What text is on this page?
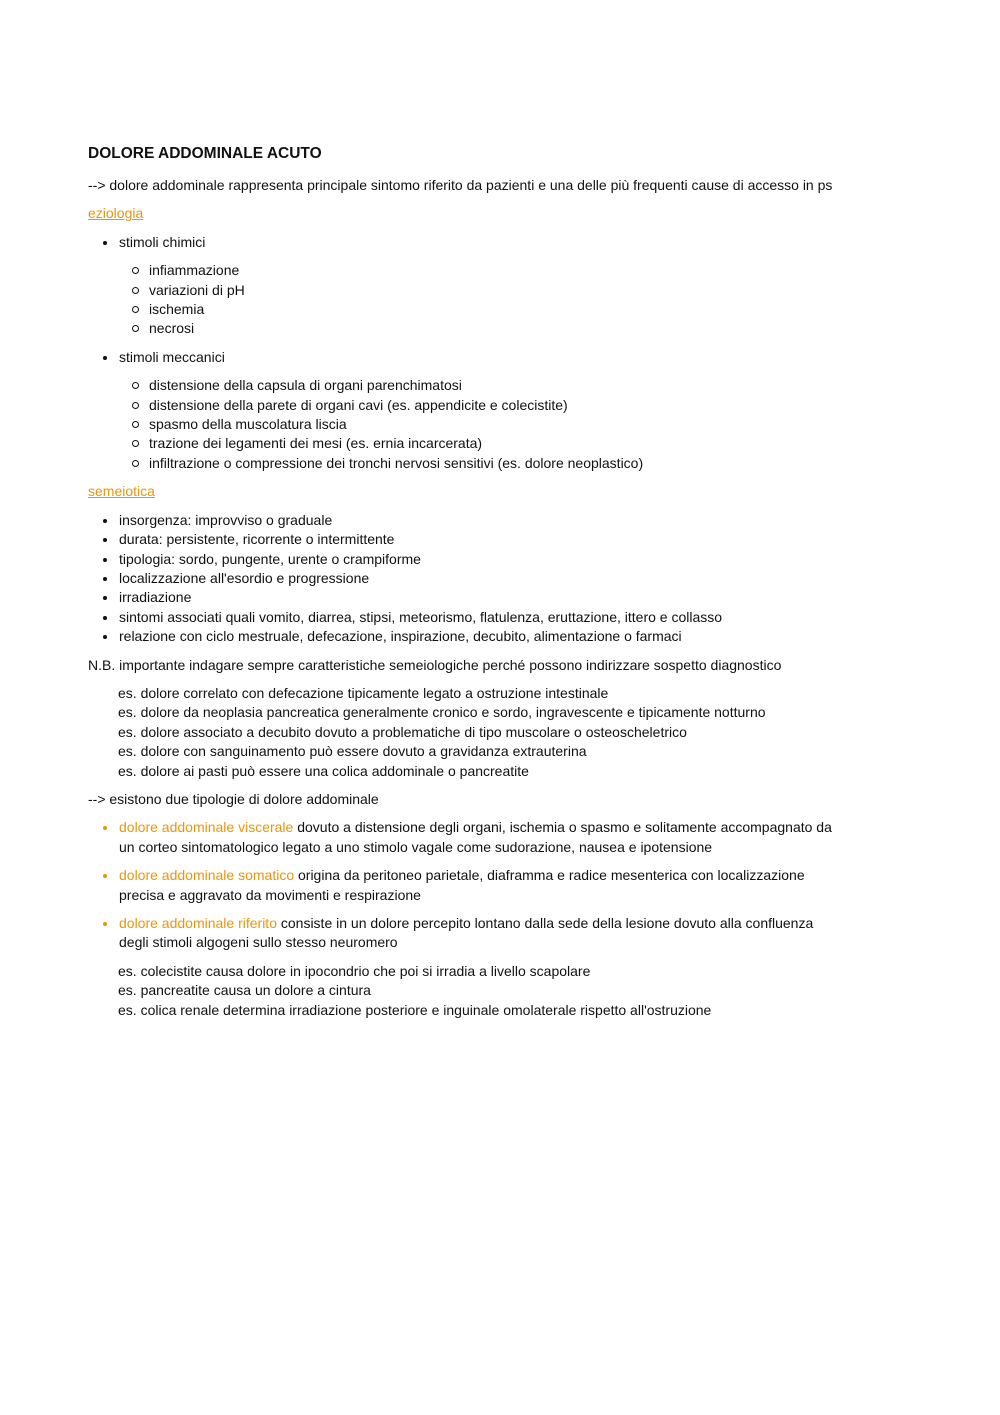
DOLORE ADDOMINALE ACUTO

--> dolore addominale rappresenta principale sintomo riferito da pazienti e una delle più frequenti cause di accesso in ps

eziologia

stimoli chimici
infiammazione
variazioni di pH
ischemia
necrosi
stimoli meccanici
distensione della capsula di organi parenchimatosi
distensione della parete di organi cavi (es. appendicite e colecistite)
spasmo della muscolatura liscia
trazione dei legamenti dei mesi (es. ernia incarcerata)
infiltrazione o compressione dei tronchi nervosi sensitivi (es. dolore neoplastico)

semeiotica

insorgenza: improvviso o graduale
durata: persistente, ricorrente o intermittente
tipologia: sordo, pungente, urente o crampiforme
localizzazione all'esordio e progressione
irradiazione
sintomi associati quali vomito, diarrea, stipsi, meteorismo, flatulenza, eruttazione, ittero e collasso
relazione con ciclo mestruale, defecazione, inspirazione, decubito, alimentazione o farmaci

N.B. importante indagare sempre caratteristiche semeiologiche perché possono indirizzare sospetto diagnostico

es. dolore correlato con defecazione tipicamente legato a ostruzione intestinale
es. dolore da neoplasia pancreatica generalmente cronico e sordo, ingravescente e tipicamente notturno
es. dolore associato a decubito dovuto a problematiche di tipo muscolare o osteoscheletrico
es. dolore con sanguinamento può essere dovuto a gravidanza extrauterina
es. dolore ai pasti può essere una colica addominale o pancreatite

--> esistono due tipologie di dolore addominale

dolore addominale viscerale dovuto a distensione degli organi, ischemia o spasmo e solitamente accompagnato da
un corteo sintomatologico legato a uno stimolo vagale come sudorazione, nausea e ipotensione
dolore addominale somatico origina da peritoneo parietale, diaframma e radice mesenterica con localizzazione
precisa e aggravato da movimenti e respirazione
dolore addominale riferito consiste in un dolore percepito lontano dalla sede della lesione dovuto alla confluenza
degli stimoli algogeni sullo stesso neuromero
es. colecistite causa dolore in ipocondrio che poi si irradia a livello scapolare
es. pancreatite causa un dolore a cintura
es. colica renale determina irradiazione posteriore e inguinale omolaterale rispetto all'ostruzione
